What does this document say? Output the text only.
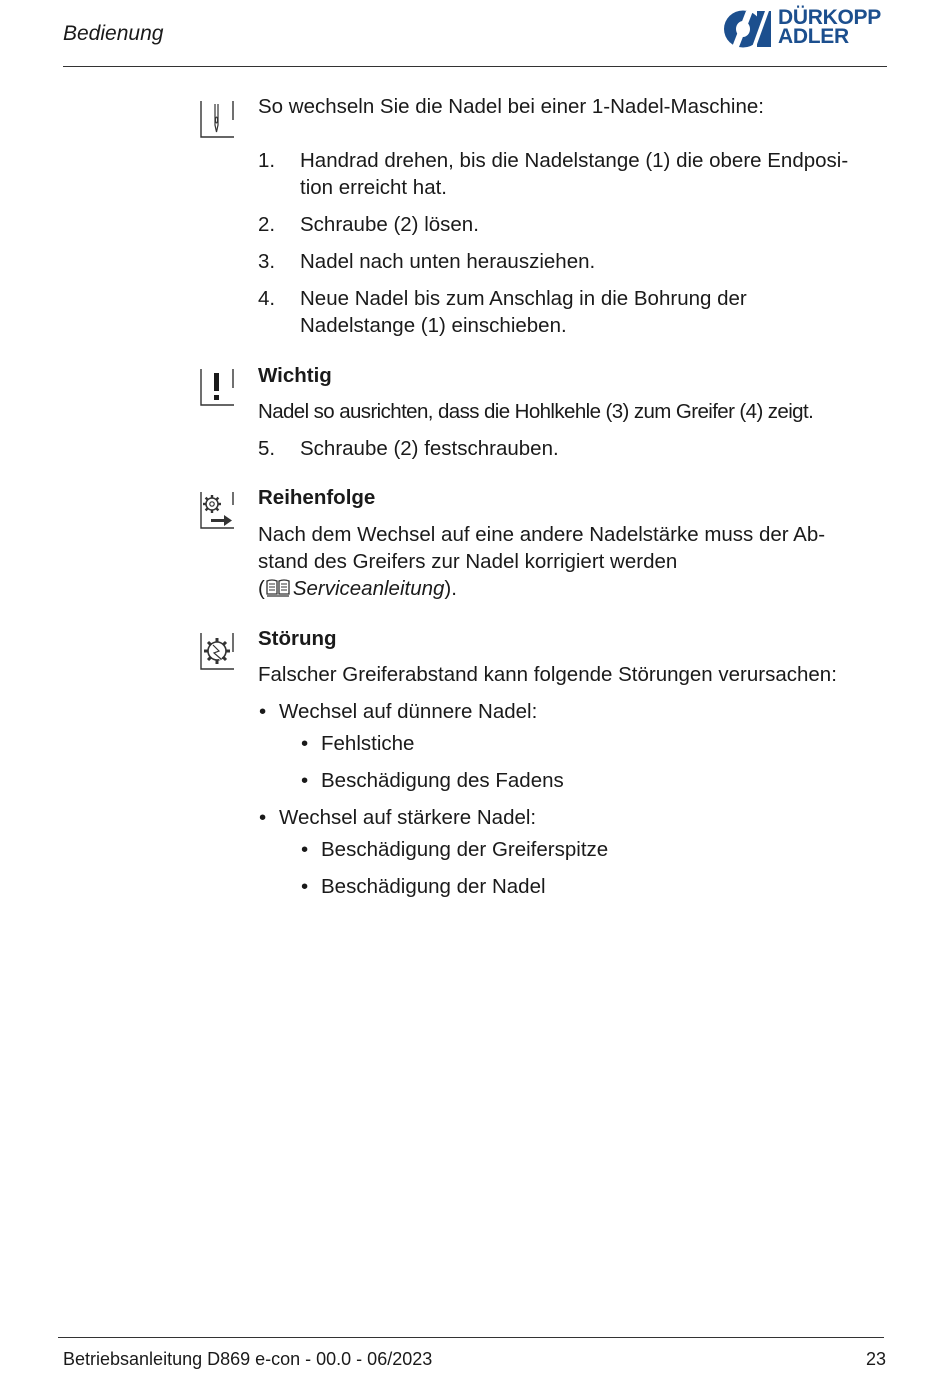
Bedienung
DÜRKOPP
ADLER
So wechseln Sie die Nadel bei einer 1-Nadel-Maschine:
1. Handrad drehen, bis die Nadelstange (1) die obere Endposi-
tion erreicht hat.
2. Schraube (2) lösen.
3. Nadel nach unten herausziehen.
4. Neue Nadel bis zum Anschlag in die Bohrung der
Nadelstange (1) einschieben.
Wichtig
Nadel so ausrichten, dass die Hohlkehle (3) zum Greifer (4) zeigt.
5. Schraube (2) festschrauben.
Reihenfolge
Nach dem Wechsel auf eine andere Nadelstärke muss der Ab-
stand des Greifers zur Nadel korrigiert werden
( Serviceanleitung).
Störung
Falscher Greiferabstand kann folgende Störungen verursachen:
• Wechsel auf dünnere Nadel:
• Fehlstiche
• Beschädigung des Fadens
• Wechsel auf stärkere Nadel:
• Beschädigung der Greiferspitze
• Beschädigung der Nadel
Betriebsanleitung D869 e-con - 00.0 - 06/2023	23
